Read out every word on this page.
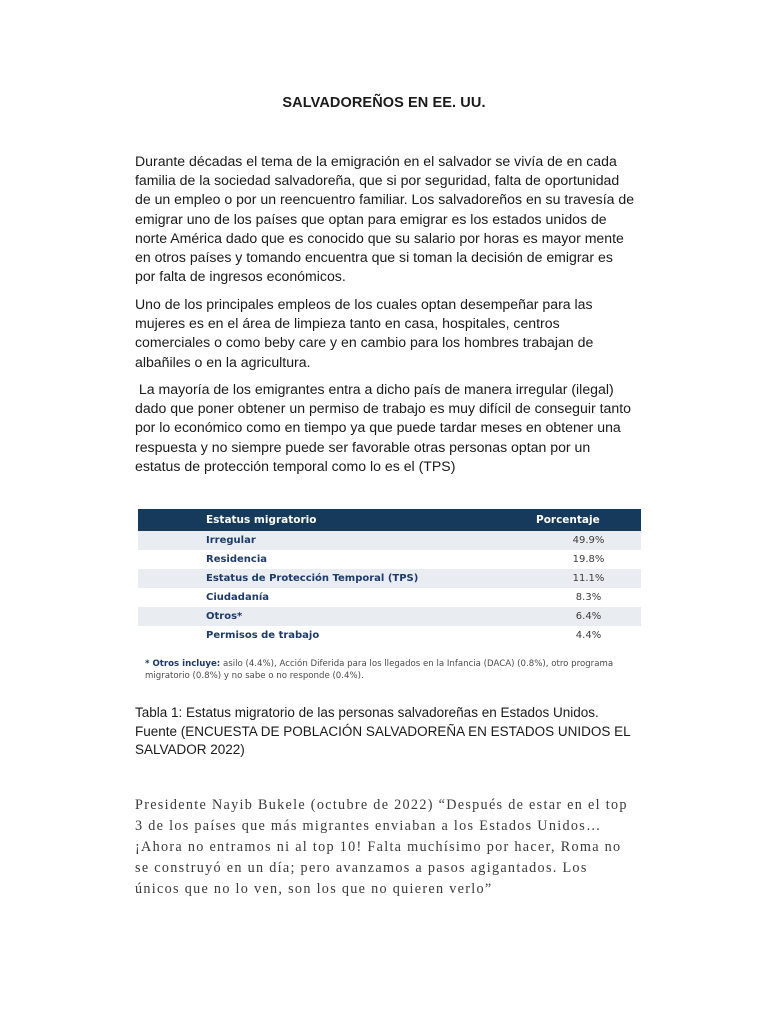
SALVADOREÑOS EN EE. UU.

Durante décadas el tema de la emigración en el salvador se vivía de en cada familia de la sociedad salvadoreña, que si por seguridad, falta de oportunidad de un empleo o por un reencuentro familiar. Los salvadoreños en su travesía de emigrar uno de los países que optan para emigrar es los estados unidos de norte América dado que es conocido que su salario por horas es mayor mente en otros países y tomando encuentra que si toman la decisión de emigrar es por falta de ingresos económicos.

Uno de los principales empleos de los cuales optan desempeñar para las mujeres es en el área de limpieza tanto en casa, hospitales, centros comerciales o como beby care y en cambio para los hombres trabajan de albañiles o en la agricultura.

La mayoría de los emigrantes entra a dicho país de manera irregular (ilegal) dado que poner obtener un permiso de trabajo es muy difícil de conseguir tanto por lo económico como en tiempo ya que puede tardar meses en obtener una respuesta y no siempre puede ser favorable otras personas optan por un estatus de protección temporal como lo es el (TPS)

Estatus migratorio	Porcentaje
Irregular	49.9%
Residencia	19.8%
Estatus de Protección Temporal (TPS)	11.1%
Ciudadanía	8.3%
Otros*	6.4%
Permisos de trabajo	4.4%
* Otros incluye: asilo (4.4%), Acción Diferida para los llegados en la Infancia (DACA) (0.8%), otro programa migratorio (0.8%) y no sabe o no responde (0.4%).

Tabla 1: Estatus migratorio de las personas salvadoreñas en Estados Unidos. Fuente (ENCUESTA DE POBLACIÓN SALVADOREÑA EN ESTADOS UNIDOS EL SALVADOR 2022)

Presidente Nayib Bukele (octubre de 2022) “Después de estar en el top 3 de los países que más migrantes enviaban a los Estados Unidos… ¡Ahora no entramos ni al top 10! Falta muchísimo por hacer, Roma no se construyó en un día; pero avanzamos a pasos agigantados. Los únicos que no lo ven, son los que no quieren verlo”
